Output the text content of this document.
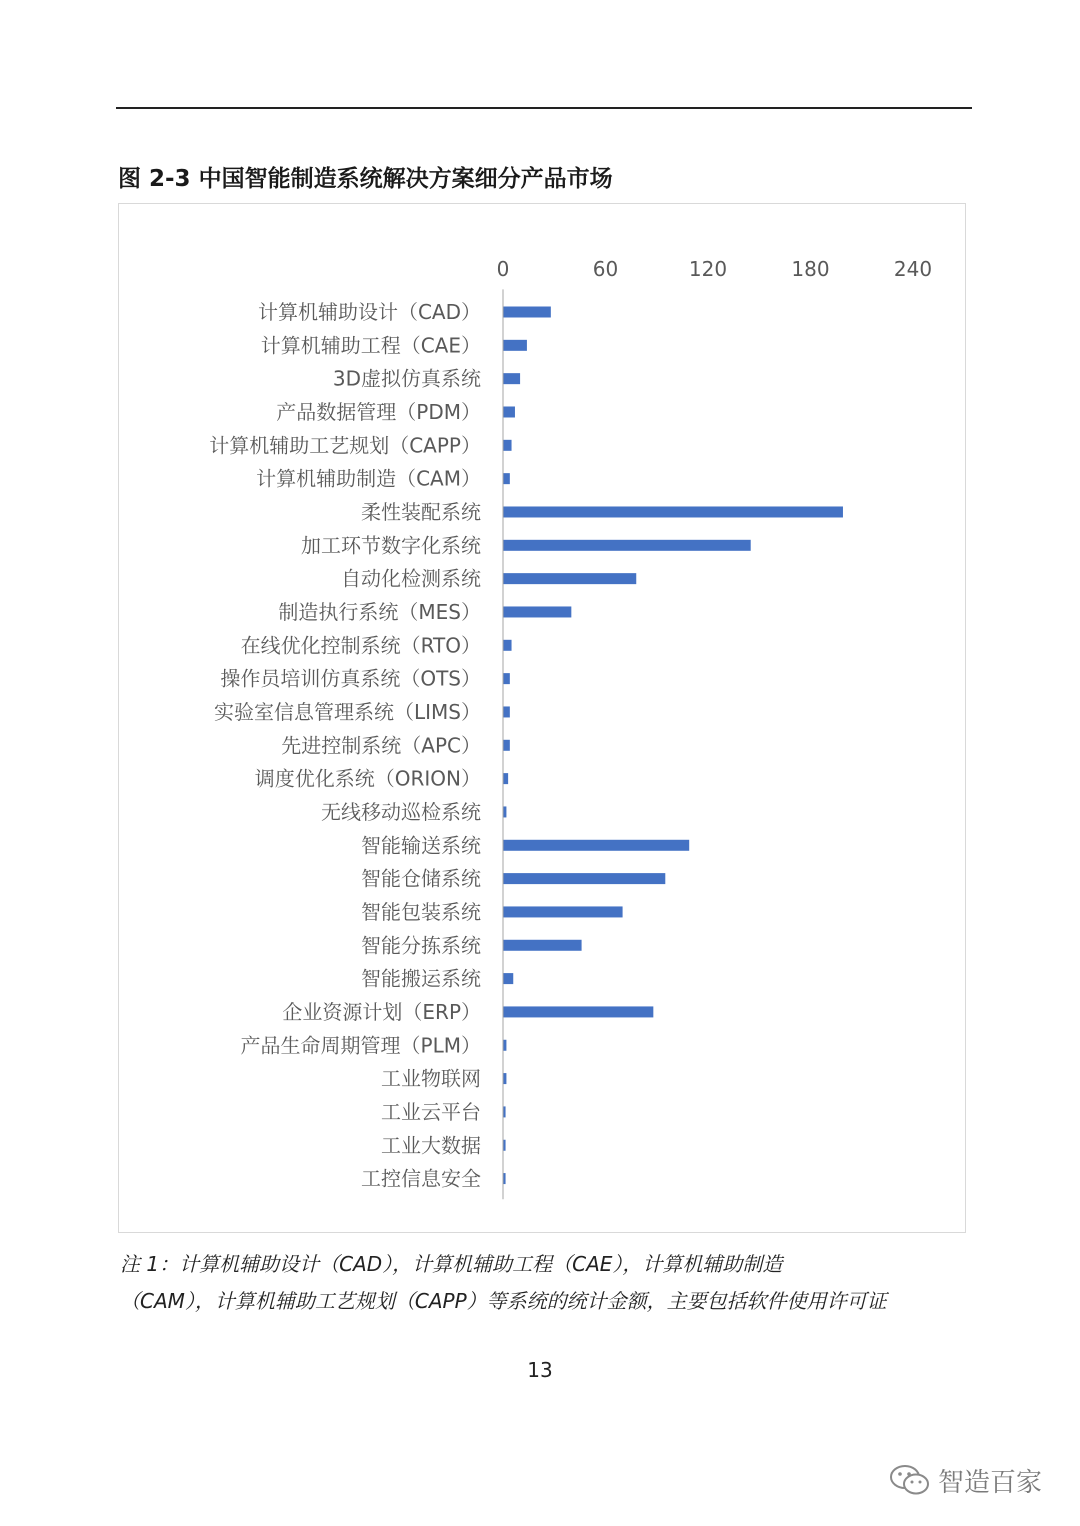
图 2-3 中国智能制造系统解决方案细分产品市场
0	60	120	180	240
计算机辅助设计（CAD）
计算机辅助工程（CAE）
3D虚拟仿真系统
产品数据管理（PDM）
计算机辅助工艺规划（CAPP）
计算机辅助制造（CAM）
柔性装配系统
加工环节数字化系统
自动化检测系统
制造执行系统（MES）
在线优化控制系统（RTO）
操作员培训仿真系统（OTS）
实验室信息管理系统（LIMS）
先进控制系统（APC）
调度优化系统（ORION）
无线移动巡检系统
智能输送系统
智能仓储系统
智能包装系统
智能分拣系统
智能搬运系统
企业资源计划（ERP）
产品生命周期管理（PLM）
工业物联网
工业云平台
工业大数据
工控信息安全
注 1：计算机辅助设计（CAD），计算机辅助工程（CAE），计算机辅助制造
（CAM），计算机辅助工艺规划（CAPP）等系统的统计金额，主要包括软件使用许可证
13
智造百家
